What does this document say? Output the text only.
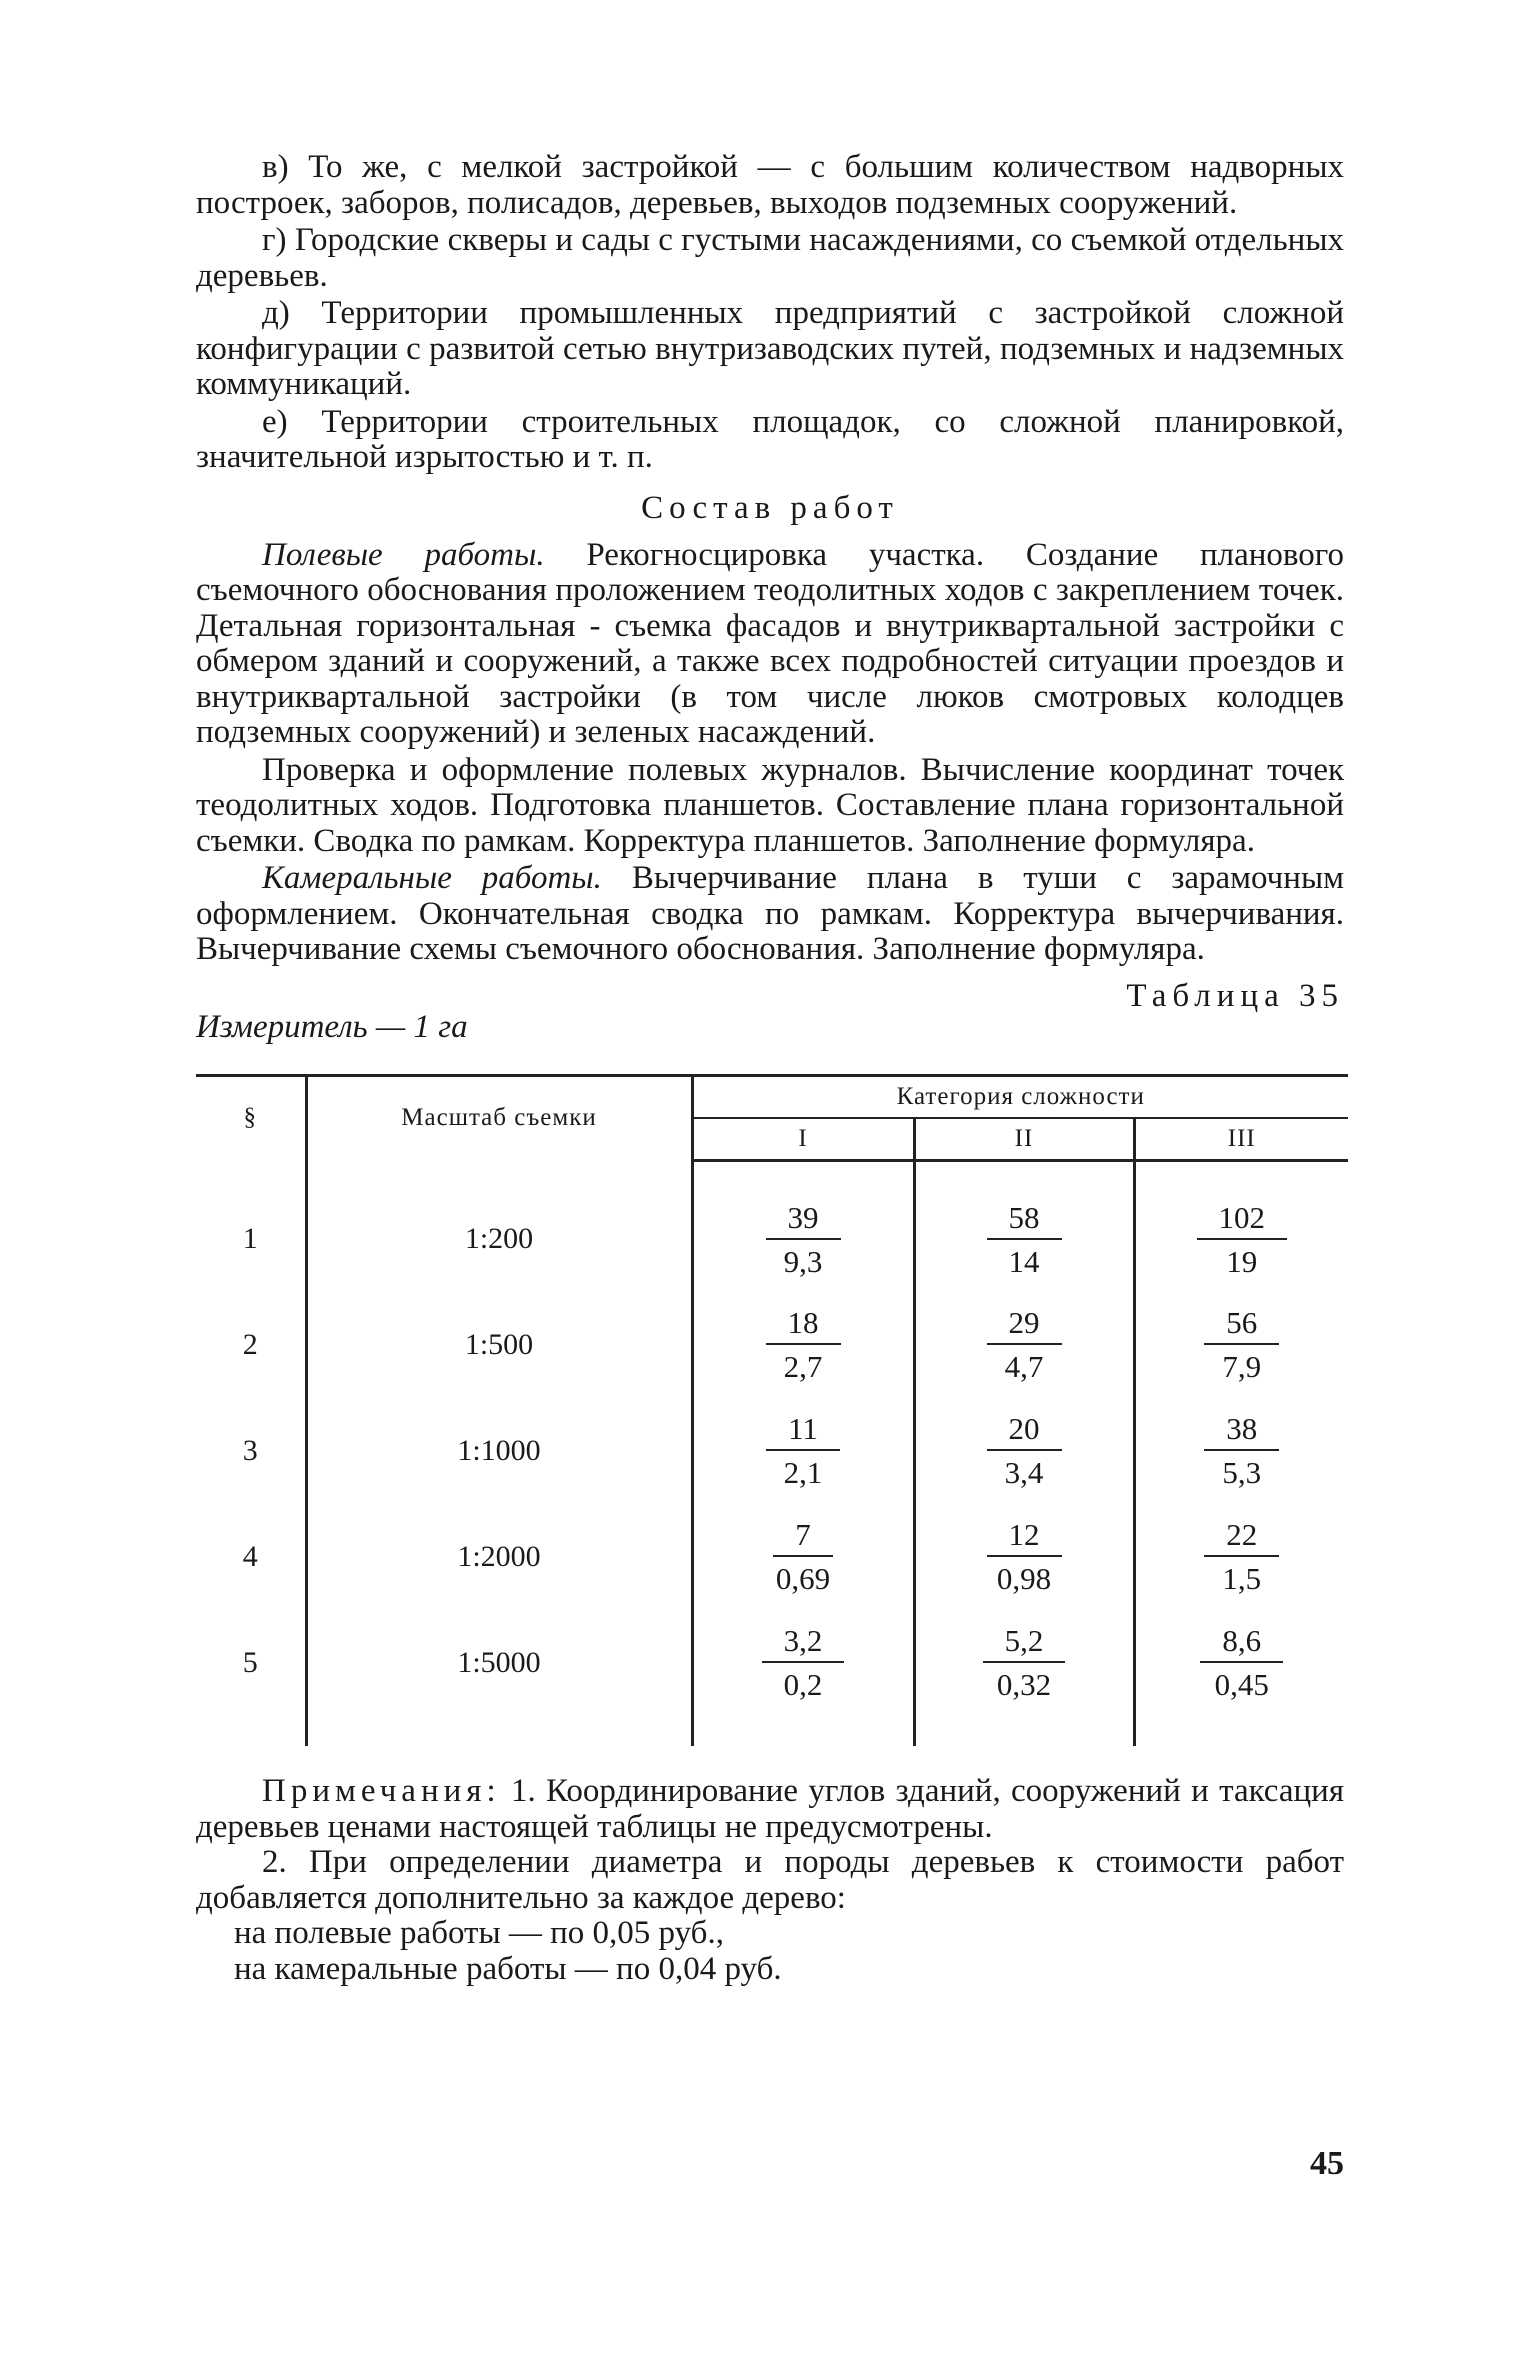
в) То же, с мелкой застройкой — с большим количеством надворных построек, заборов, полисадов, деревьев, выходов подземных сооружений.

г) Городские скверы и сады с густыми насаждениями, со съемкой отдельных деревьев.

д) Территории промышленных предприятий с застройкой сложной конфигурации с развитой сетью внутризаводских путей, подземных и надземных коммуникаций.

е) Территории строительных площадок, со сложной планировкой, значительной изрытостью и т. п.

Состав работ

Полевые работы. Рекогносцировка участка. Создание планового съемочного обоснования проложением теодолитных ходов с закреплением точек. Детальная горизонтальная - съемка фасадов и внутриквартальной застройки с обмером зданий и сооружений, а также всех подробностей ситуации проездов и внутриквартальной застройки (в том числе люков смотровых колодцев подземных сооружений) и зеленых насаждений.

Проверка и оформление полевых журналов. Вычисление координат точек теодолитных ходов. Подготовка планшетов. Составление плана горизонтальной съемки. Сводка по рамкам. Корректура планшетов. Заполнение формуляра.

Камеральные работы. Вычерчивание плана в туши с зарамочным оформлением. Окончательная сводка по рамкам. Корректура вычерчивания. Вычерчивание схемы съемочного обоснования. Заполнение формуляра.

Таблица 35
Измеритель — 1 га
§	Масштаб съемки	Категория сложности		
		I	II	III
1	1:200	$\frac{39}{9,3}$	$\frac{58}{14}$	$\frac{102}{19}$

2	1:500	$\frac{18}{2,7}$	$\frac{29}{4,7}$	$\frac{56}{7,9}$

3	1:1000	$\frac{11}{2,1}$	$\frac{20}{3,4}$	$\frac{38}{5,3}$

4	1:2000	$\frac{7}{0,69}$	$\frac{12}{0,98}$	$\frac{22}{1,5}$

5	1:5000	$\frac{3,2}{0,2}$	$\frac{5,2}{0,32}$	$\frac{8,6}{0,45}$

Примечания: 1. Координирование углов зданий, сооружений и таксация деревьев ценами настоящей таблицы не предусмотрены.

2. При определении диаметра и породы деревьев к стоимости работ добавляется дополнительно за каждое дерево:

на полевые работы — по 0,05 руб.,
на камеральные работы — по 0,04 руб.
45
